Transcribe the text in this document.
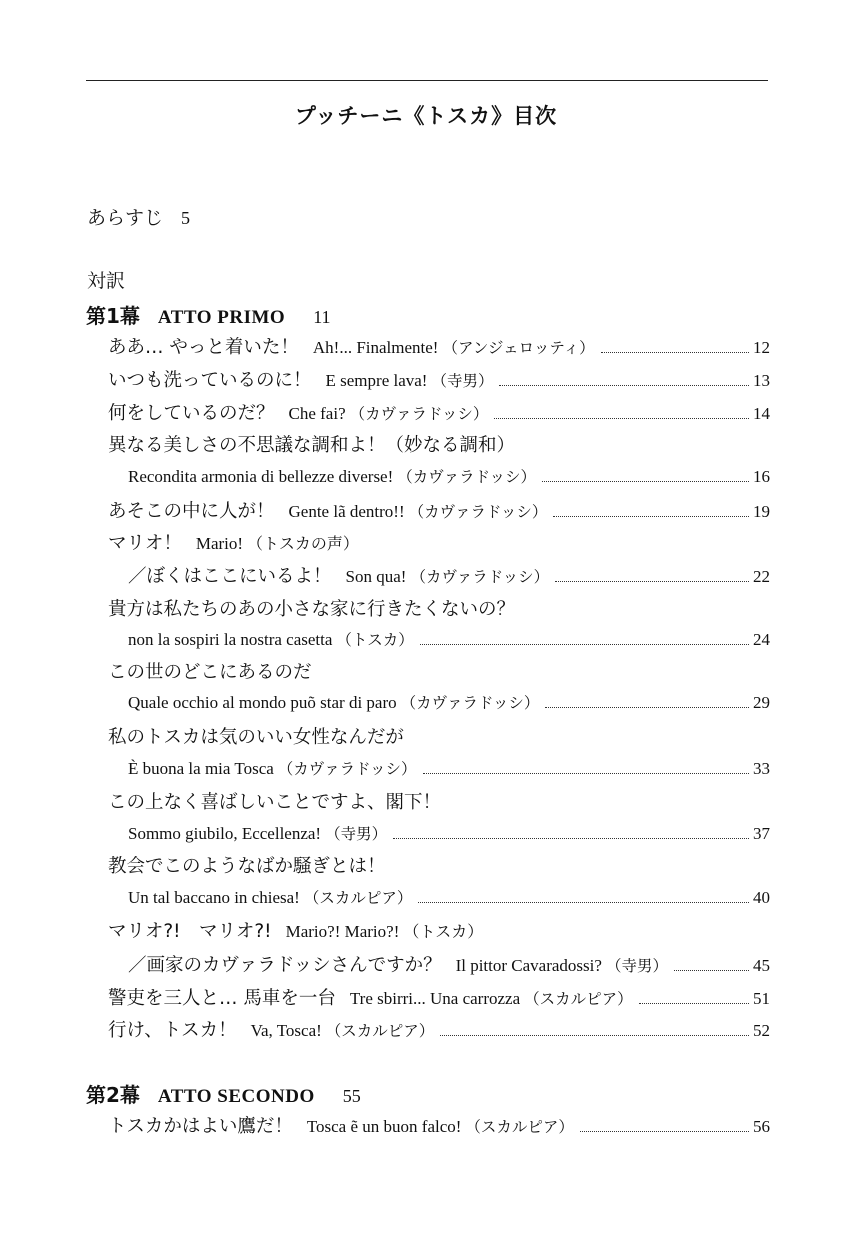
プッチーニ《トスカ》目次
あらすじ 5
対訳
第1幕 ATTO PRIMO 11
ああ… やっと着いた！ Ah!... Finalmente! （アンジェロッティ）	12
いつも洗っているのに！ E sempre lava! （寺男）	13
何をしているのだ？ Che fai? （カヴァラドッシ）	14
異なる美しさの不思議な調和よ！（妙なる調和）
Recondita armonia di bellezze diverse! （カヴァラドッシ）	16
あそこの中に人が！ Gente lã dentro!! （カヴァラドッシ）	19
マリオ！ Mario! （トスカの声）
／ぼくはここにいるよ！ Son qua! （カヴァラドッシ）	22
貴方は私たちのあの小さな家に行きたくないの？
non la sospiri la nostra casetta （トスカ）	24
この世のどこにあるのだ
Quale occhio al mondo puõ star di paro （カヴァラドッシ）	29
私のトスカは気のいい女性なんだが
È buona la mia Tosca （カヴァラドッシ）	33
この上なく喜ばしいことですよ、閣下！
Sommo giubilo, Eccellenza! （寺男）	37
教会でこのようなばか騒ぎとは！
Un tal baccano in chiesa! （スカルピア）	40
マリオ?!　マリオ?! Mario?! Mario?! （トスカ）
／画家のカヴァラドッシさんですか？ Il pittor Cavaradossi? （寺男）	45
警吏を三人と… 馬車を一台 Tre sbirri... Una carrozza （スカルピア）	51
行け、トスカ！ Va, Tosca! （スカルピア）	52
第2幕 ATTO SECONDO 55
トスカかはよい鷹だ！ Tosca ẽ un buon falco! （スカルピア）	56
